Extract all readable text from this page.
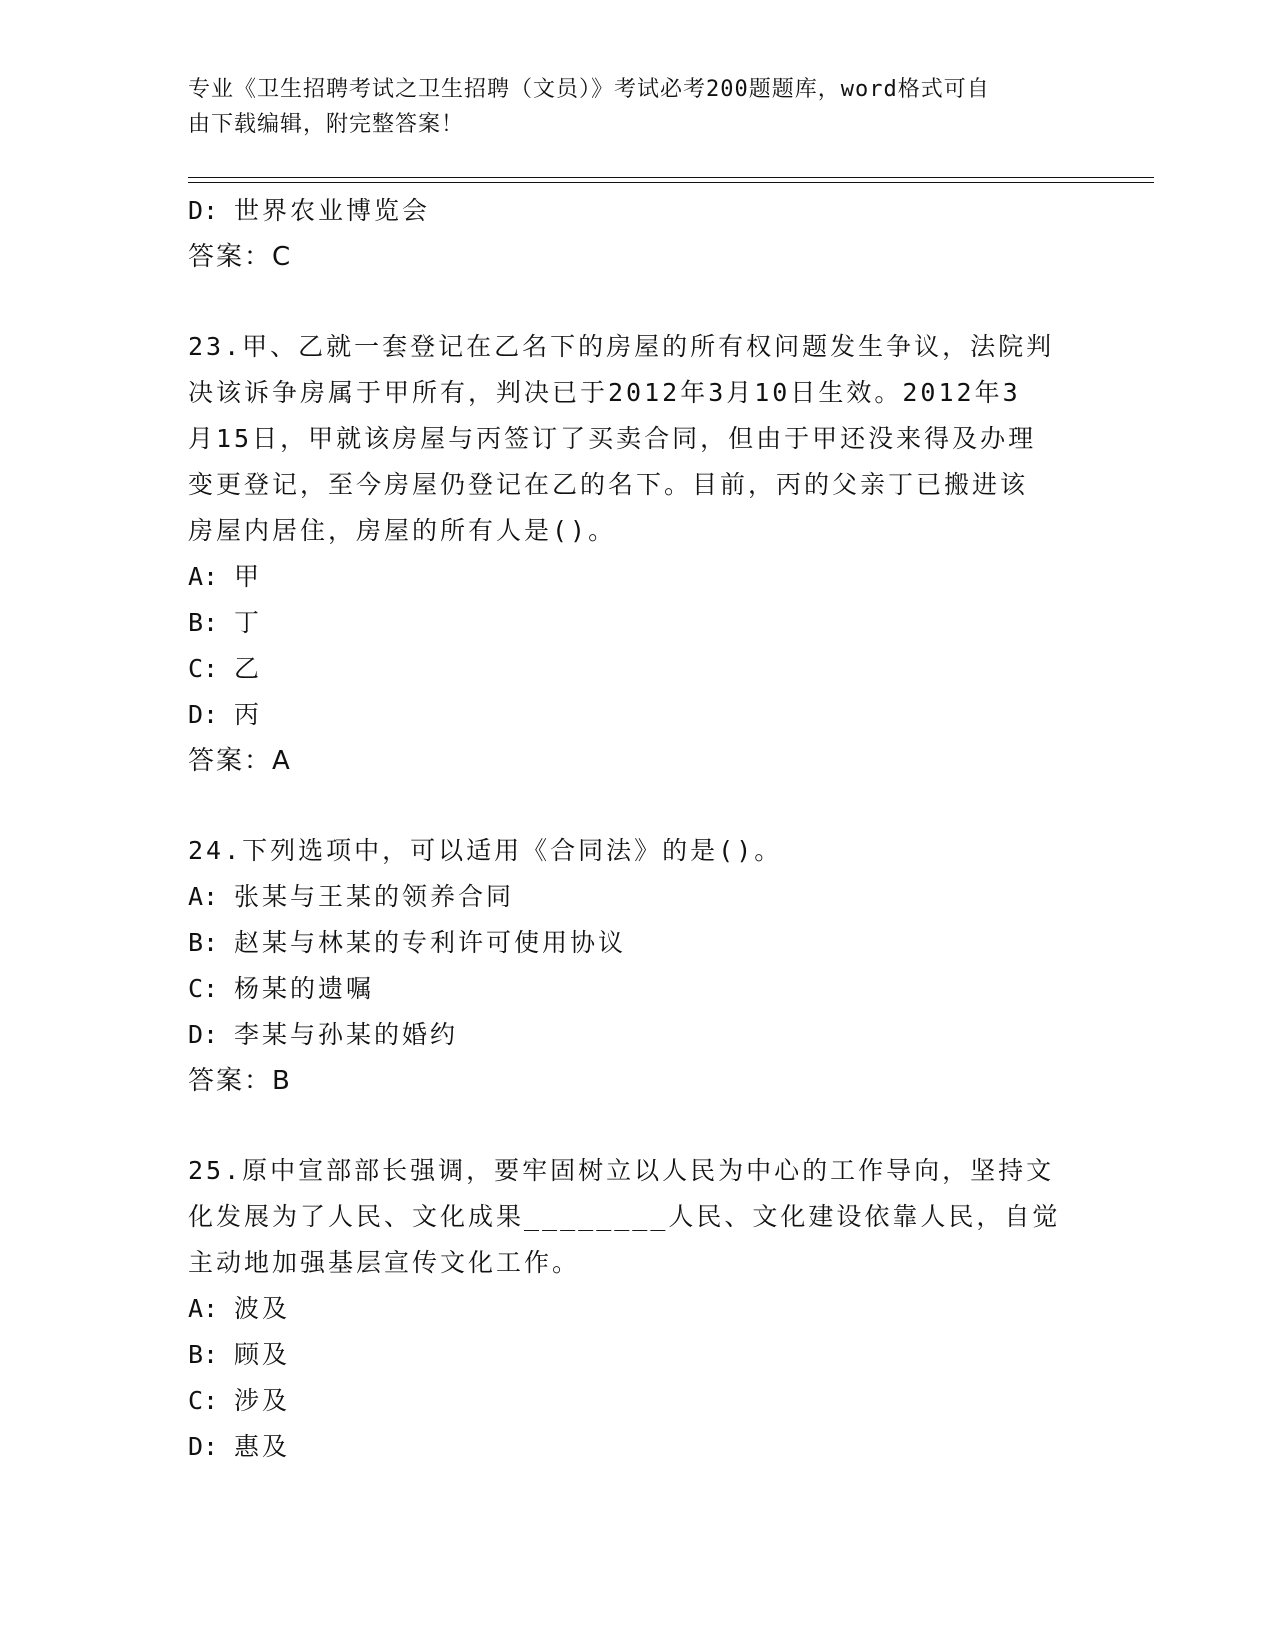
专业《卫生招聘考试之卫生招聘（文员）》考试必考200题题库，word格式可自
由下载编辑，附完整答案！
D: 世界农业博览会
答案：C
23.甲、乙就一套登记在乙名下的房屋的所有权问题发生争议，法院判
决该诉争房属于甲所有，判决已于2012年3月10日生效。2012年3
月15日，甲就该房屋与丙签订了买卖合同，但由于甲还没来得及办理
变更登记，至今房屋仍登记在乙的名下。目前，丙的父亲丁已搬进该
房屋内居住，房屋的所有人是()。
A: 甲
B: 丁
C: 乙
D: 丙
答案：A
24.下列选项中，可以适用《合同法》的是()。
A: 张某与王某的领养合同
B: 赵某与林某的专利许可使用协议
C: 杨某的遗嘱
D: 李某与孙某的婚约
答案：B
25.原中宣部部长强调，要牢固树立以人民为中心的工作导向，坚持文
化发展为了人民、文化成果________人民、文化建设依靠人民，自觉
主动地加强基层宣传文化工作。
A: 波及
B: 顾及
C: 涉及
D: 惠及
